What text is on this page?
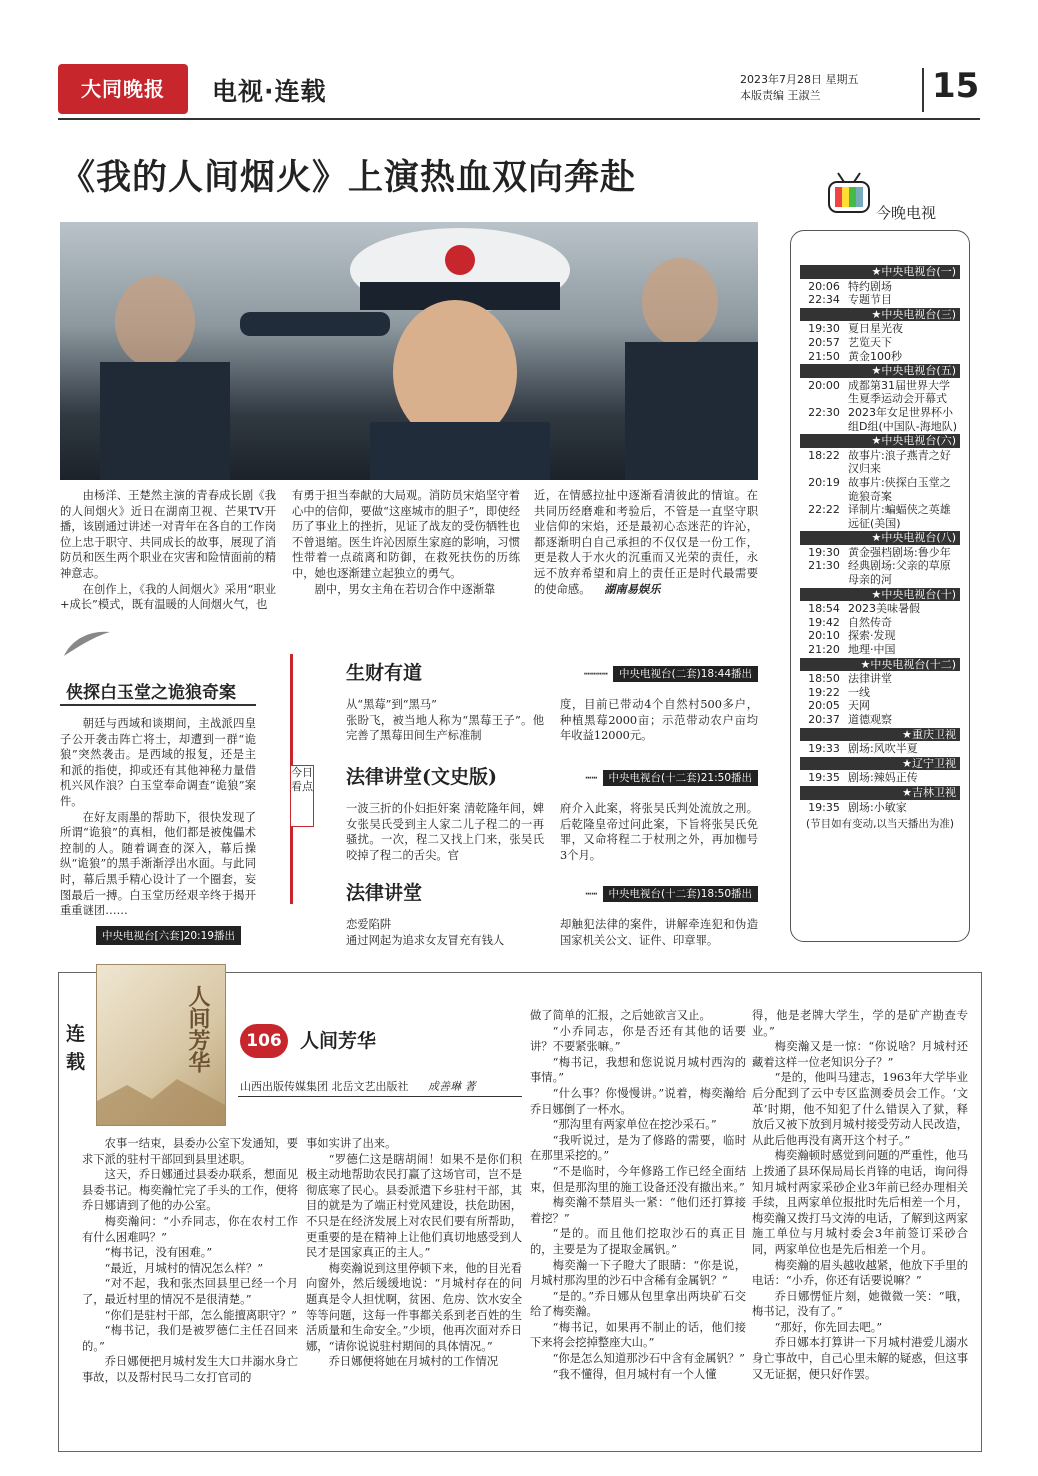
大同晚报	电视·连载	2023年7月28日 星期五
本版责编 王淑兰	15
《我的人间烟火》上演热血双向奔赴

由杨洋、王楚然主演的青春成长剧《我的人间烟火》近日在湖南卫视、芒果TV开播，该剧通过讲述一对青年在各自的工作岗位上忠于职守、共同成长的故事，展现了消防员和医生两个职业在灾害和险情面前的精神意志。

在创作上，《我的人间烟火》采用“职业+成长”模式，既有温暖的人间烟火气，也

有勇于担当奉献的大局观。消防员宋焰坚守着心中的信仰，要做“这座城市的胆子”，即使经历了事业上的挫折，见证了战友的受伤牺牲也不曾退缩。医生许沁因原生家庭的影响，习惯性带着一点疏离和防御，在救死扶伤的历练中，她也逐渐建立起独立的勇气。

剧中，男女主角在若切合作中逐渐靠

近，在情感拉扯中逐渐看清彼此的情谊。在共同历经磨难和考验后，不管是一直坚守职业信仰的宋焰，还是最初心态迷茫的许沁，都逐渐明白自己承担的不仅仅是一份工作，更是救人于水火的沉重而又光荣的责任，永远不放弃希望和肩上的责任正是时代最需要的使命感。 湖南易娱乐
今晚电视
★中央电视台(一)
20:06 特约剧场
22:34 专题节目
★中央电视台(三)
19:30 夏日星光夜
20:57 艺览天下
21:50 黄金100秒
★中央电视台(五)
20:00 成都第31届世界大学生夏季运动会开幕式
22:30 2023年女足世界杯小组D组(中国队-海地队)
★中央电视台(六)
18:22 故事片:浪子燕青之好汉归来
20:19 故事片:侠探白玉堂之诡狼奇案
22:22 译制片:蝙蝠侠之英雄远征(美国)
★中央电视台(八)
19:30 黄金强档剧场:鲁少年
21:30 经典剧场:父亲的草原母亲的河
★中央电视台(十)
18:54 2023美味暑假
19:42 自然传奇
20:10 探索·发现
21:20 地理·中国
★中央电视台(十二)
18:50 法律讲堂
19:22 一线
20:05 天网
20:37 道德观察
★重庆卫视
19:33 剧场:风吹半夏
★辽宁卫视
19:35 剧场:辣妈正传
★吉林卫视
19:35 剧场:小敏家
(节目如有变动,以当天播出为准)
侠探白玉堂之诡狼奇案

朝廷与西域和谈期间，主战派四皇子公开袭击阵亡将士，却遭到一群“诡狼”突然袭击。是西域的报复，还是主和派的指使，抑或还有其他神秘力量借机兴风作浪？白玉堂奉命调查“诡狼”案件。

在好友雨墨的帮助下，很快发现了所谓“诡狼”的真相，他们都是被傀儡术控制的人。随着调查的深入，幕后操纵“诡狼”的黑手渐渐浮出水面。与此同时，幕后黑手精心设计了一个圈套，妄图最后一搏。白玉堂历经艰辛终于揭开重重谜团……

中央电视台[六套]20:19播出
今日看点
生财有道	┅┅┅┅ 中央电视台(二套)18:44播出
从“黑莓”到“黑马”
张盼飞，被当地人称为“黑莓王子”。他完善了黑莓田间生产标准制
度，目前已带动4个自然村500多户，种植黑莓2000亩；示范带动农户亩均年收益12000元。
法律讲堂(文史版)	┅┅ 中央电视台(十二套)21:50播出
一波三折的仆妇拒奸案 清乾隆年间，婢女张吴氏受到主人家二儿子程二的一再骚扰。一次，程二又找上门来，张吴氏咬掉了程二的舌尖。官
府介入此案，将张吴氏判处流放之刑。后乾隆皇帝过问此案，下旨将张吴氏免罪，又命将程二于杖刑之外，再加枷号3个月。
法律讲堂	┅┅ 中央电视台(十二套)18:50播出
恋爱陷阱
通过网起为追求女友冒充有钱人
却触犯法律的案件，讲解牵连犯和伪造国家机关公文、证件、印章罪。
连载	人间芳华	106 人间芳华
山西出版传媒集团 北岳文艺出版社 成善琳 著

农事一结束，县委办公室下发通知，要求下派的驻村干部回到县里述职。

这天，乔日娜通过县委办联系，想面见县委书记。梅奕瀚忙完了手头的工作，便将乔日娜请到了他的办公室。

梅奕瀚问：“小乔同志，你在农村工作有什么困难吗？”

“梅书记，没有困难。”

“最近，月城村的情况怎么样？”

“对不起，我和张杰回县里已经一个月了，最近村里的情况不是很清楚。”

“你们是驻村干部，怎么能擅离职守？”

“梅书记，我们是被罗德仁主任召回来的。”

乔日娜便把月城村发生大口井溺水身亡事故，以及帮村民马二女打官司的

事如实讲了出来。

“罗德仁这是瞎胡闹！如果不是你们积极主动地帮助农民打赢了这场官司，岂不是彻底寒了民心。县委派遣下乡驻村干部，其目的就是为了端正村党风建设，扶危助困，不只是在经济发展上对农民们要有所帮助，更重要的是在精神上让他们真切地感受到人民才是国家真正的主人。”

梅奕瀚说到这里停顿下来，他的目光看向窗外，然后缓缓地说：“月城村存在的问题真是令人担忧啊，贫困、危房、饮水安全等等问题，这每一件事都关系到老百姓的生活质量和生命安全。”少顷，他再次面对乔日娜，“请你说说驻村期间的具体情况。”

乔日娜便将她在月城村的工作情况

做了简单的汇报，之后她欲言又止。

“小乔同志，你是否还有其他的话要讲？不要紧张嘛。”

“梅书记，我想和您说说月城村西沟的事情。”

“什么事？你慢慢讲。”说着，梅奕瀚给乔日娜倒了一杯水。

“那沟里有两家单位在挖沙采石。”

“我听说过，是为了修路的需要，临时在那里采挖的。”

“不是临时，今年修路工作已经全面结束，但是那沟里的施工设备还没有撤出来。”

梅奕瀚不禁眉头一紧：“他们还打算接着挖？”

“是的。而且他们挖取沙石的真正目的，主要是为了提取金属钒。”

梅奕瀚一下子瞪大了眼睛：“你是说，月城村那沟里的沙石中含稀有金属钒？”

“是的。”乔日娜从包里拿出两块矿石交给了梅奕瀚。

“梅书记，如果再不制止的话，他们接下来将会挖掉整座大山。”

“你是怎么知道那沙石中含有金属钒？”

“我不懂得，但月城村有一个人懂

得，他是老牌大学生，学的是矿产勘查专业。”

梅奕瀚又是一惊：“你说啥？月城村还藏着这样一位老知识分子？”

“是的，他叫马建志，1963年大学毕业后分配到了云中专区监测委员会工作。‘文革’时期，他不知犯了什么错误入了狱，释放后又被下放到月城村接受劳动人民改造，从此后他再没有离开这个村子。”

梅奕瀚顿时感觉到问题的严重性，他马上拨通了县环保局局长肖锋的电话，询问得知月城村两家采砂企业3年前已经办理相关手续，且两家单位报批时先后相差一个月，梅奕瀚又拨打马文涛的电话，了解到这两家施工单位与月城村委会3年前签订采砂合同，两家单位也是先后相差一个月。

梅奕瀚的眉头越收越紧，他放下手里的电话：“小乔，你还有话要说嘛？”

乔日娜愣怔片刻，她微微一笑：“哦，梅书记，没有了。”

“那好，你先回去吧。”

乔日娜本打算讲一下月城村港爱儿溺水身亡事故中，自己心里未解的疑惑，但这事又无证据，便只好作罢。
